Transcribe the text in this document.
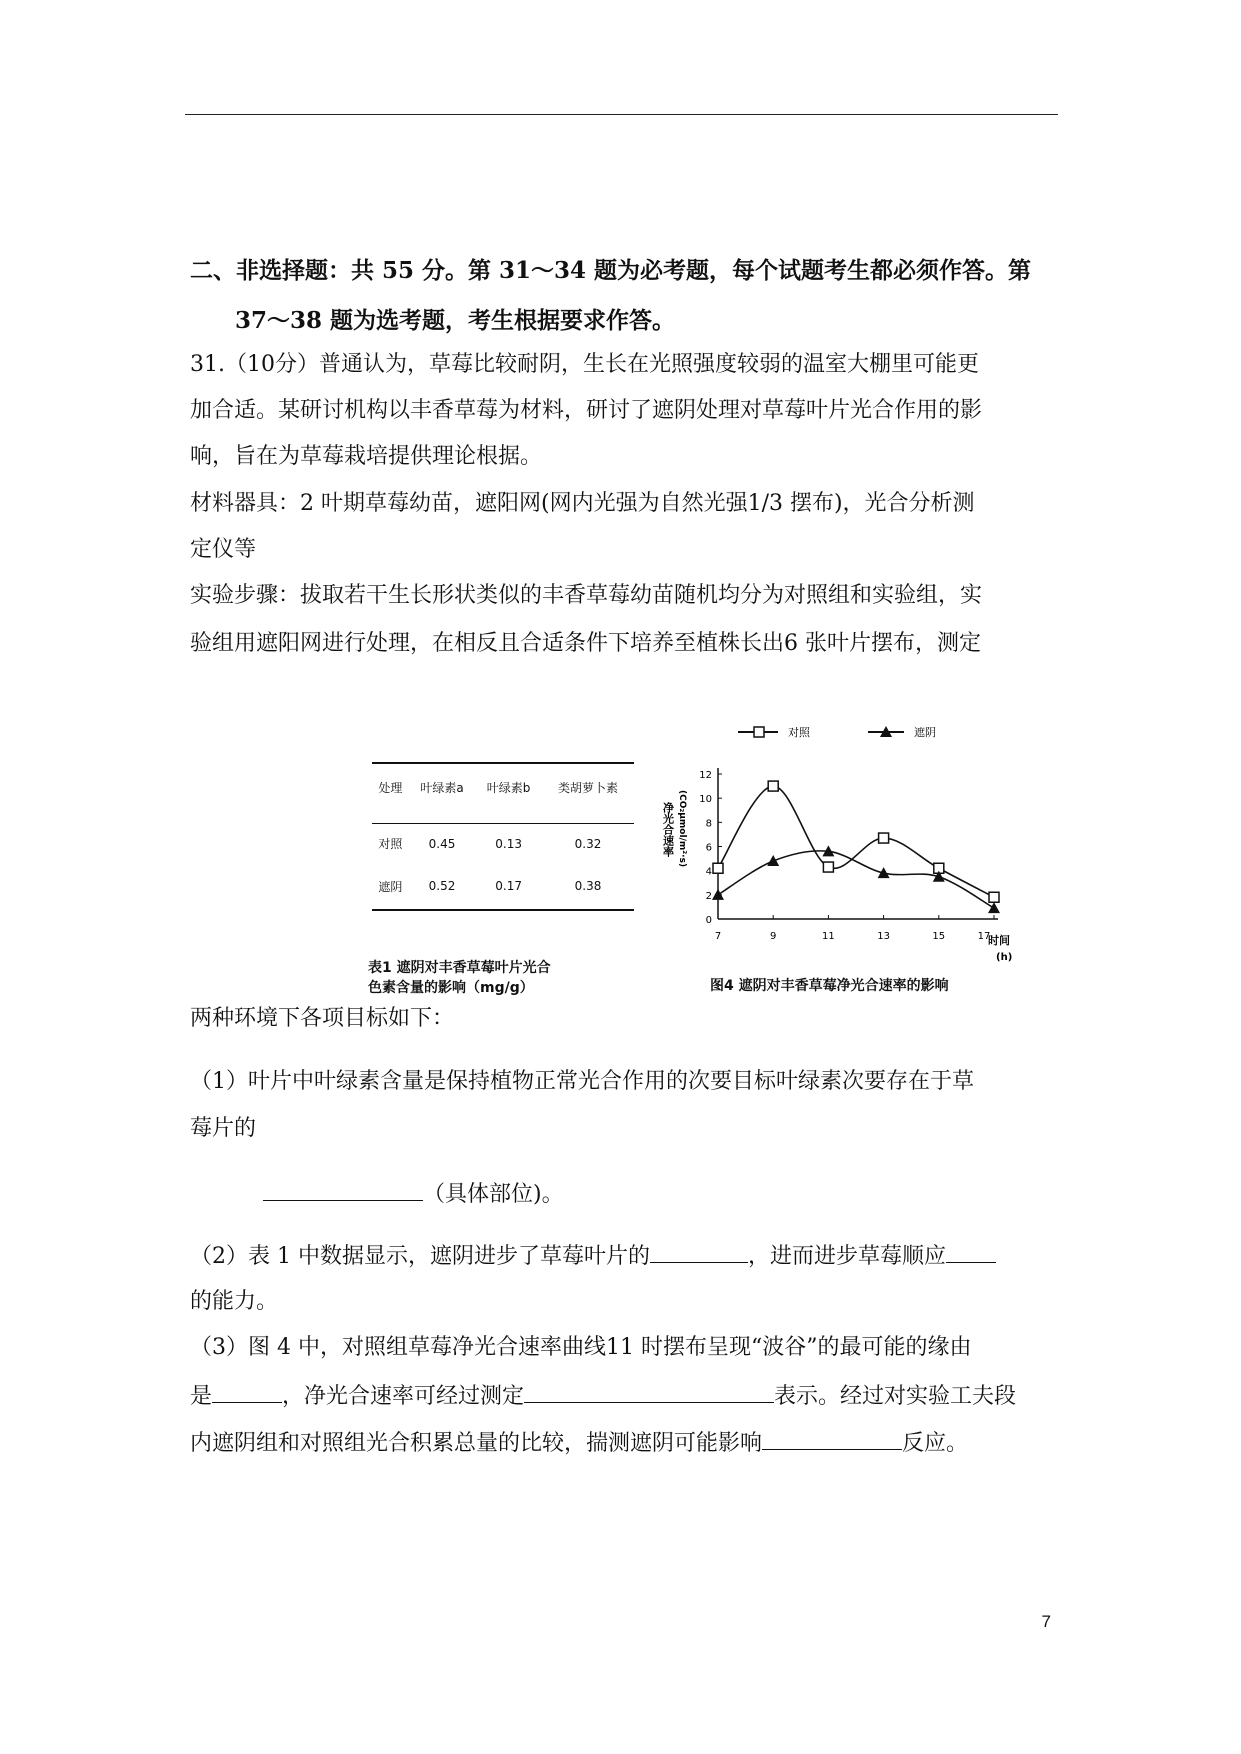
二、非选择题：共 55 分。第 31～34 题为必考题，每个试题考生都必须作答。第
37～38 题为选考题，考生根据要求作答。
31.（10分）普通认为，草莓比较耐阴，生长在光照强度较弱的温室大棚里可能更
加合适。某研讨机构以丰香草莓为材料，研讨了遮阴处理对草莓叶片光合作用的影
响，旨在为草莓栽培提供理论根据。
材料器具：2 叶期草莓幼苗，遮阳网(网内光强为自然光强1/3 摆布)，光合分析测
定仪等
实验步骤：拔取若干生长形状类似的丰香草莓幼苗随机均分为对照组和实验组，实
验组用遮阳网进行处理，在相反且合适条件下培养至植株长出6 张叶片摆布，测定
处理	叶绿素a	叶绿素b	类胡萝卜素

对照	0.45	0.13	0.32
遮阴	0.52	0.17	0.38
表1 遮阴对丰香草莓叶片光合
色素含量的影响（mg/g）
对照	遮阴
0
2
4
6
8
10
12
7	9	11	13	15	17
净光合速率 (CO₂μmol/m²·s)
时间
(h)
图4 遮阴对丰香草莓净光合速率的影响
两种环境下各项目标如下：
（1）叶片中叶绿素含量是保持植物正常光合作用的次要目标叶绿素次要存在于草
莓片的
（具体部位)。
（2）表 1 中数据显示，遮阴进步了草莓叶片的	，进而进步草莓顺应
的能力。
（3）图 4 中，对照组草莓净光合速率曲线11 时摆布呈现“波谷”的最可能的缘由
是	，净光合速率可经过测定	表示。经过对实验工夫段
内遮阴组和对照组光合积累总量的比较，揣测遮阴可能影响	反应。
7
